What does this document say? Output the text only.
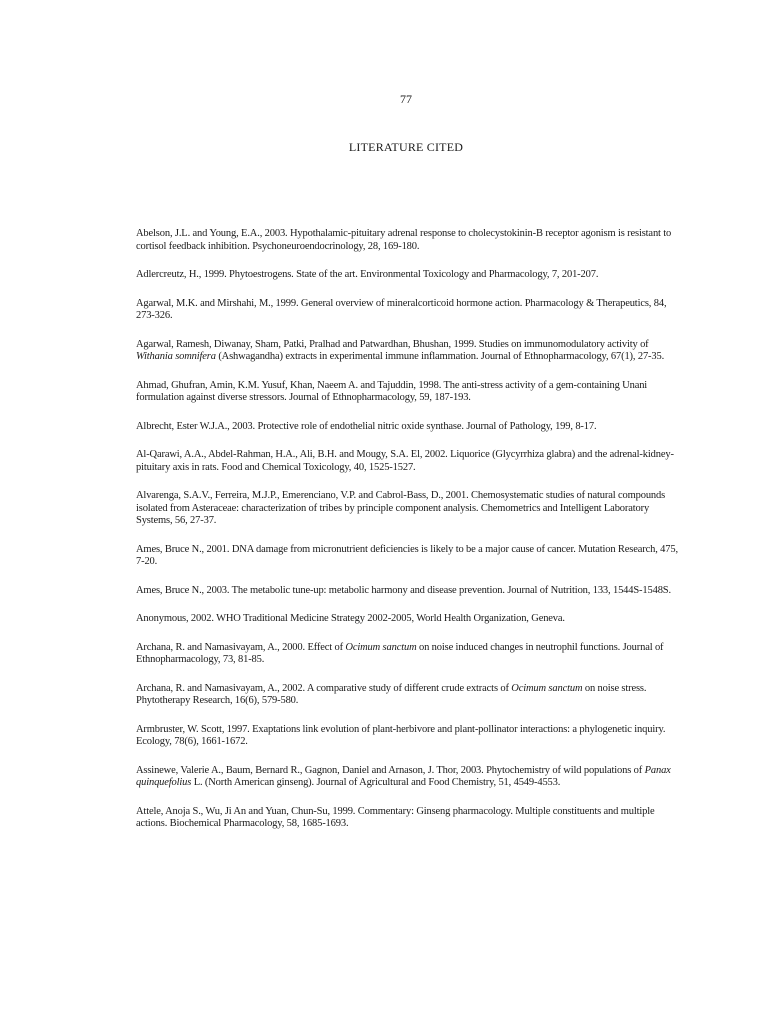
77
LITERATURE CITED

Abelson, J.L. and Young, E.A., 2003. Hypothalamic-pituitary adrenal response to cholecystokinin-B receptor agonism is resistant to cortisol feedback inhibition. Psychoneuroendocrinology, 28, 169-180.

Adlercreutz, H., 1999. Phytoestrogens. State of the art. Environmental Toxicology and Pharmacology, 7, 201-207.

Agarwal, M.K. and Mirshahi, M., 1999. General overview of mineralcorticoid hormone action. Pharmacology & Therapeutics, 84, 273-326.

Agarwal, Ramesh, Diwanay, Sham, Patki, Pralhad and Patwardhan, Bhushan, 1999. Studies on immunomodulatory activity of Withania somnifera (Ashwagandha) extracts in experimental immune inflammation. Journal of Ethnopharmacology, 67(1), 27-35.

Ahmad, Ghufran, Amin, K.M. Yusuf, Khan, Naeem A. and Tajuddin, 1998. The anti-stress activity of a gem-containing Unani formulation against diverse stressors. Journal of Ethnopharmacology, 59, 187-193.

Albrecht, Ester W.J.A., 2003. Protective role of endothelial nitric oxide synthase. Journal of Pathology, 199, 8-17.

Al-Qarawi, A.A., Abdel-Rahman, H.A., Ali, B.H. and Mougy, S.A. El, 2002. Liquorice (Glycyrrhiza glabra) and the adrenal-kidney-pituitary axis in rats. Food and Chemical Toxicology, 40, 1525-1527.

Alvarenga, S.A.V., Ferreira, M.J.P., Emerenciano, V.P. and Cabrol-Bass, D., 2001. Chemosystematic studies of natural compounds isolated from Asteraceae: characterization of tribes by principle component analysis. Chemometrics and Intelligent Laboratory Systems, 56, 27-37.

Ames, Bruce N., 2001. DNA damage from micronutrient deficiencies is likely to be a major cause of cancer. Mutation Research, 475, 7-20.

Ames, Bruce N., 2003. The metabolic tune-up: metabolic harmony and disease prevention. Journal of Nutrition, 133, 1544S-1548S.

Anonymous, 2002. WHO Traditional Medicine Strategy 2002-2005, World Health Organization, Geneva.

Archana, R. and Namasivayam, A., 2000. Effect of Ocimum sanctum on noise induced changes in neutrophil functions. Journal of Ethnopharmacology, 73, 81-85.

Archana, R. and Namasivayam, A., 2002. A comparative study of different crude extracts of Ocimum sanctum on noise stress. Phytotherapy Research, 16(6), 579-580.

Armbruster, W. Scott, 1997. Exaptations link evolution of plant-herbivore and plant-pollinator interactions: a phylogenetic inquiry. Ecology, 78(6), 1661-1672.

Assinewe, Valerie A., Baum, Bernard R., Gagnon, Daniel and Arnason, J. Thor, 2003. Phytochemistry of wild populations of Panax quinquefolius L. (North American ginseng). Journal of Agricultural and Food Chemistry, 51, 4549-4553.

Attele, Anoja S., Wu, Ji An and Yuan, Chun-Su, 1999. Commentary: Ginseng pharmacology. Multiple constituents and multiple actions. Biochemical Pharmacology, 58, 1685-1693.
